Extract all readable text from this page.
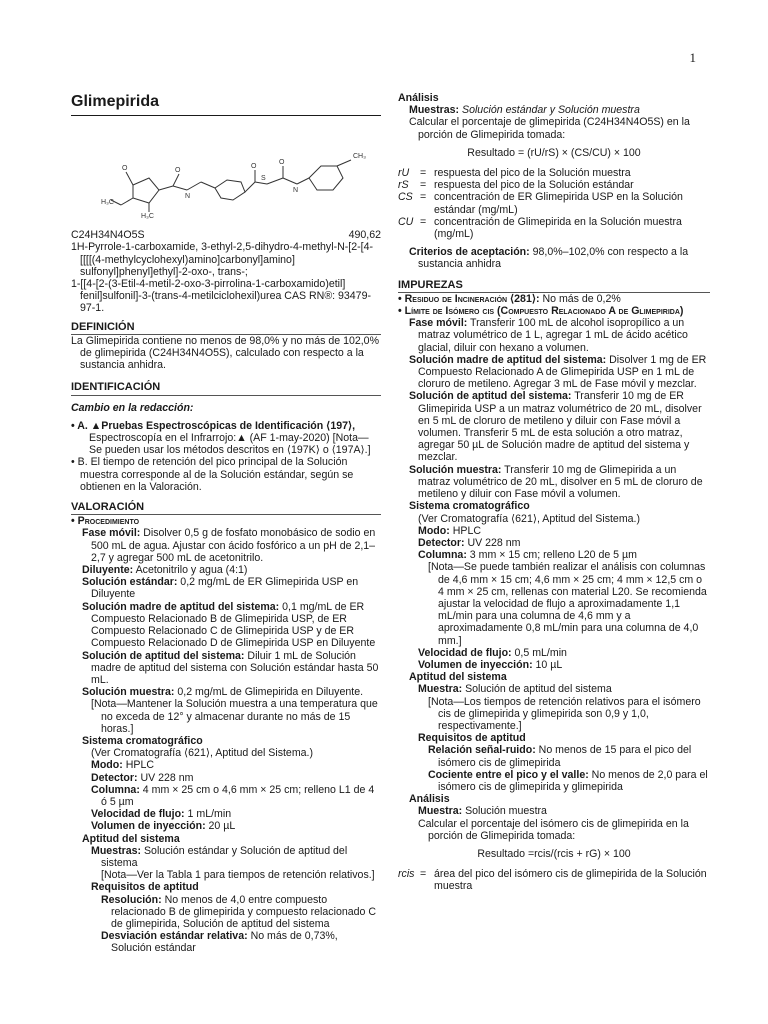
1
Glimepirida
O	O
N
O
S
O
N
CH₃
H₃C
H₃C
C24H34N4O5S	490,62
1H-Pyrrole-1-carboxamide, 3-ethyl-2,5-dihydro-4-methyl-N-[2-[4-[[[[(4-methylcyclohexyl)amino]carbonyl]amino] sulfonyl]phenyl]ethyl]-2-oxo-, trans-;
1-[[4-[2-(3-Etil-4-metil-2-oxo-3-pirrolina-1-carboxamido)etil] fenil]sulfonil]-3-(trans-4-metilciclohexil)urea CAS RN®: 93479-97-1.
DEFINICIÓN
La Glimepirida contiene no menos de 98,0% y no más de 102,0% de glimepirida (C24H34N4O5S), calculado con respecto a la sustancia anhidra.
IDENTIFICACIÓN
Cambio en la redacción:
• A. ▲Pruebas Espectroscópicas de Identificación ⟨197⟩,
Espectroscopía en el Infrarrojo:▲ (AF 1-may-2020) [Nota—Se pueden usar los métodos descritos en ⟨197K⟩ o ⟨197A⟩.]
• B. El tiempo de retención del pico principal de la Solución muestra corresponde al de la Solución estándar, según se obtienen en la Valoración.
VALORACIÓN
• Procedimiento
Fase móvil: Disolver 0,5 g de fosfato monobásico de sodio en 500 mL de agua. Ajustar con ácido fosfórico a un pH de 2,1–2,7 y agregar 500 mL de acetonitrilo.
Diluyente: Acetonitrilo y agua (4:1)
Solución estándar: 0,2 mg/mL de ER Glimepirida USP en Diluyente
Solución madre de aptitud del sistema: 0,1 mg/mL de ER Compuesto Relacionado B de Glimepirida USP, de ER Compuesto Relacionado C de Glimepirida USP y de ER Compuesto Relacionado D de Glimepirida USP en Diluyente
Solución de aptitud del sistema: Diluir 1 mL de Solución madre de aptitud del sistema con Solución estándar hasta 50 mL.
Solución muestra: 0,2 mg/mL de Glimepirida en Diluyente.
[Nota—Mantener la Solución muestra a una temperatura que no exceda de 12° y almacenar durante no más de 15 horas.]
Sistema cromatográfico
(Ver Cromatografía ⟨621⟩, Aptitud del Sistema.)
Modo: HPLC
Detector: UV 228 nm
Columna: 4 mm × 25 cm o 4,6 mm × 25 cm; relleno L1 de 4 ó 5 µm
Velocidad de flujo: 1 mL/min
Volumen de inyección: 20 µL
Aptitud del sistema
Muestras: Solución estándar y Solución de aptitud del sistema
[Nota—Ver la Tabla 1 para tiempos de retención relativos.]
Requisitos de aptitud
Resolución: No menos de 4,0 entre compuesto relacionado B de glimepirida y compuesto relacionado C de glimepirida, Solución de aptitud del sistema
Desviación estándar relativa: No más de 0,73%, Solución estándar
Análisis
Muestras: Solución estándar y Solución muestra
Calcular el porcentaje de glimepirida (C24H34N4O5S) en la porción de Glimepirida tomada:
Resultado = (rU/rS) × (CS/CU) × 100
rU	= respuesta del pico de la Solución muestra
rS	= respuesta del pico de la Solución estándar
CS = concentración de ER Glimepirida USP en la Solución estándar (mg/mL)
CU = concentración de Glimepirida en la Solución muestra (mg/mL)
Criterios de aceptación: 98,0%–102,0% con respecto a la sustancia anhidra
IMPUREZAS
• Residuo de Incineración ⟨281⟩: No más de 0,2%
• Límite de Isómero cis (Compuesto Relacionado A de Glimepirida)
Fase móvil: Transferir 100 mL de alcohol isopropílico a un matraz volumétrico de 1 L, agregar 1 mL de ácido acético glacial, diluir con hexano a volumen.
Solución madre de aptitud del sistema: Disolver 1 mg de ER Compuesto Relacionado A de Glimepirida USP en 1 mL de cloruro de metileno. Agregar 3 mL de Fase móvil y mezclar.
Solución de aptitud del sistema: Transferir 10 mg de ER Glimepirida USP a un matraz volumétrico de 20 mL, disolver en 5 mL de cloruro de metileno y diluir con Fase móvil a volumen. Transferir 5 mL de esta solución a otro matraz, agregar 50 µL de Solución madre de aptitud del sistema y mezclar.
Solución muestra: Transferir 10 mg de Glimepirida a un matraz volumétrico de 20 mL, disolver en 5 mL de cloruro de metileno y diluir con Fase móvil a volumen.
Sistema cromatográfico
(Ver Cromatografía ⟨621⟩, Aptitud del Sistema.)
Modo: HPLC
Detector: UV 228 nm
Columna: 3 mm × 15 cm; relleno L20 de 5 µm
[Nota—Se puede también realizar el análisis con columnas de 4,6 mm × 15 cm; 4,6 mm × 25 cm; 4 mm × 12,5 cm o 4 mm × 25 cm, rellenas con material L20. Se recomienda ajustar la velocidad de flujo a aproximadamente 1,1 mL/min para una columna de 4,6 mm y a aproximadamente 0,8 mL/min para una columna de 4,0 mm.]
Velocidad de flujo: 0,5 mL/min
Volumen de inyección: 10 µL
Aptitud del sistema
Muestra: Solución de aptitud del sistema
[Nota—Los tiempos de retención relativos para el isómero cis de glimepirida y glimepirida son 0,9 y 1,0, respectivamente.]
Requisitos de aptitud
Relación señal-ruido: No menos de 15 para el pico del isómero cis de glimepirida
Cociente entre el pico y el valle: No menos de 2,0 para el isómero cis de glimepirida y glimepirida
Análisis
Muestra: Solución muestra
Calcular el porcentaje del isómero cis de glimepirida en la porción de Glimepirida tomada:
Resultado =rcis/(rcis + rG) × 100
rcis = área del pico del isómero cis de glimepirida de la Solución muestra
